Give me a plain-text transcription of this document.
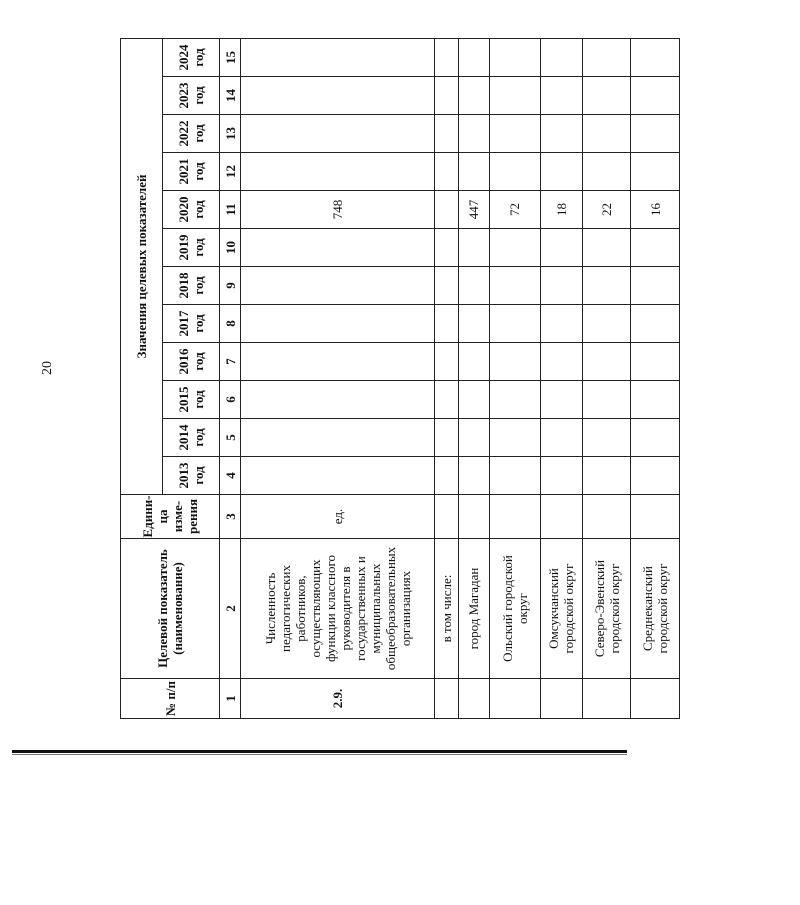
20
№ п/п	Целевой показатель (наименование)	Едини-ца изме-рения	Значения целевых показателей											
			2013 год	2014 год	2015 год	2016 год	2017 год	2018 год	2019 год	2020 год	2021 год	2022 год	2023 год	2024 год
1	2	3	4	5	6	7	8	9	10	11	12	13	14	15
2.9.	Численность педагогических работников, осуществляющих функции классного руководителя в государственных и муниципальных общеобразовательных организациях	ед.								748				
	в том числе:													
	город Магадан									447				
	Ольский городской округ									72				
	Омсукчанский городской округ									18				
	Северо-Эвенский городской округ									22				
	Среднеканский городской округ									16				
